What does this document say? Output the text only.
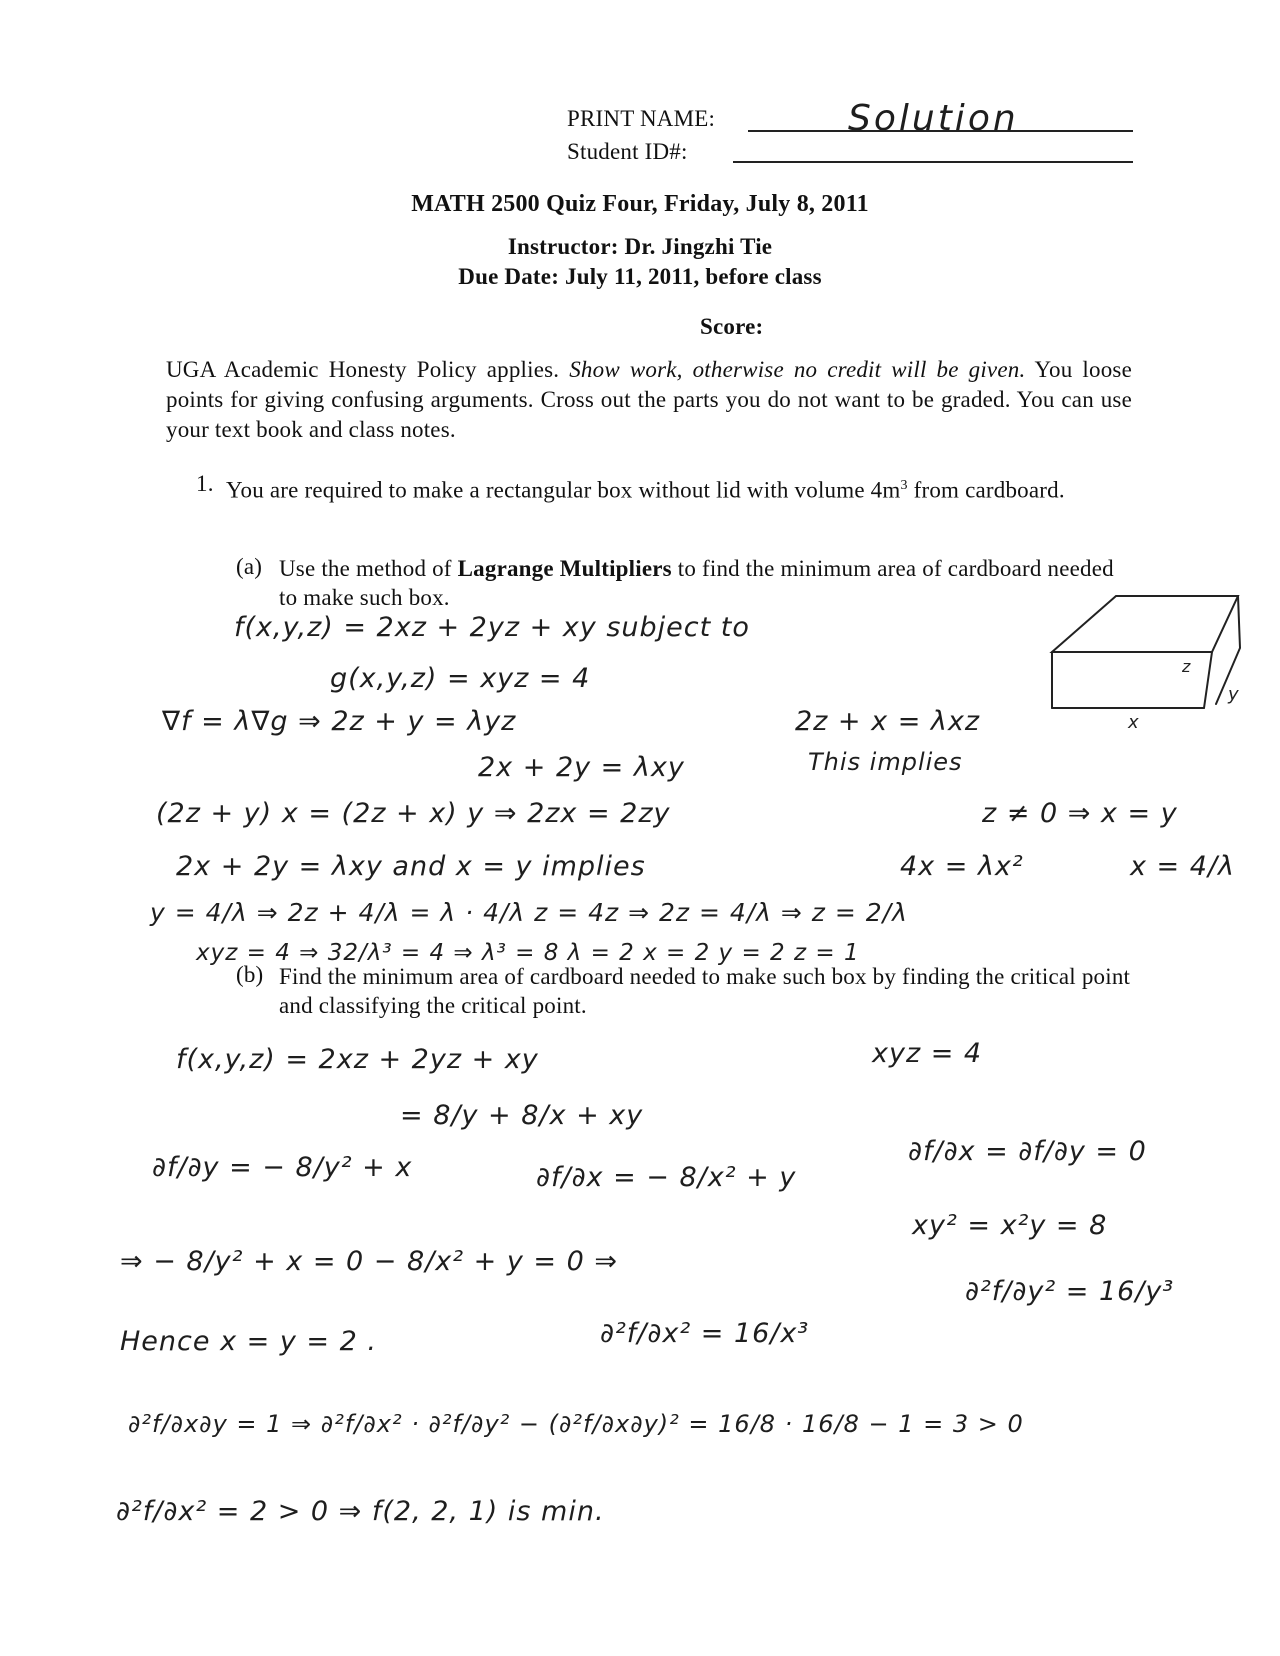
PRINT NAME:	Solution
Student ID#:
MATH 2500 Quiz Four, Friday, July 8, 2011
Instructor: Dr. Jingzhi Tie
Due Date: July 11, 2011, before class
Score:

UGA Academic Honesty Policy applies. Show work, otherwise no credit will be given. You loose points for giving confusing arguments. Cross out the parts you do not want to be graded. You can use your text book and class notes.

1. You are required to make a rectangular box without lid with volume $4m^3$ from cardboard.

(a) Use the method of Lagrange Multipliers to find the minimum area of cardboard needed to make such box.

f(x,y,z) = 2xz + 2yz + xy subject to
g(x,y,z) = xyz = 4
∇f = λ∇g ⇒ 2z + y = λyz	2z + x = λxz
2x + 2y = λxy	This implies
(2z + y) x = (2z + x) y ⇒ 2zx = 2zy	z ≠ 0 ⇒ x = y
2x + 2y = λxy and x = y implies	4x = λx²	x = 4/λ
y = 4/λ ⇒ 2z + 4/λ = λ · 4/λ z = 4z ⇒ 2z = 4/λ ⇒ z = 2/λ
xyz = 4 ⇒ 32/λ³ = 4 ⇒ λ³ = 8 λ = 2 x = 2 y = 2 z = 1
z
y
x
(b) Find the minimum area of cardboard needed to make such box by finding the critical point and classifying the critical point.

f(x,y,z) = 2xz + 2yz + xy	xyz = 4
= 8/y + 8/x + xy
∂f/∂y = − 8/y² + x	∂f/∂x = − 8/x² + y
∂f/∂x = ∂f/∂y = 0
⇒ − 8/y² + x = 0 − 8/x² + y = 0 ⇒
xy² = x²y = 8
∂²f/∂y² = 16/y³
Hence x = y = 2 .	∂²f/∂x² = 16/x³
∂²f/∂x∂y = 1 ⇒ ∂²f/∂x² · ∂²f/∂y² − (∂²f/∂x∂y)² = 16/8 · 16/8 − 1 = 3 > 0
∂²f/∂x² = 2 > 0 ⇒ f(2, 2, 1) is min.
